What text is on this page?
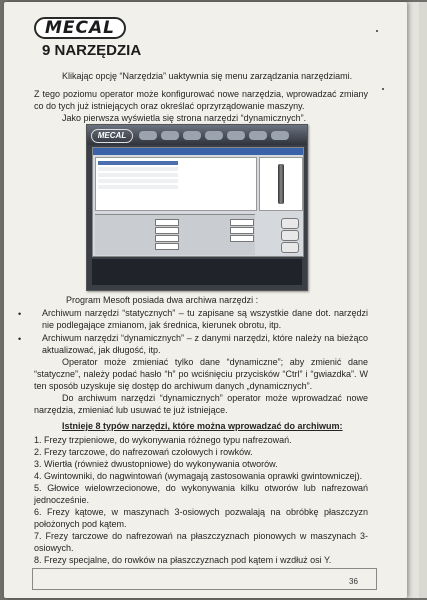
MECAL
9 NARZĘDZIA
Klikając opcję “Narzędzia” uaktywnia się menu zarządzania narzędziami.
Z tego poziomu operator może konfigurować nowe narzędzia, wprowadzać zmiany co do tych już istniejących oraz określać oprzyrządowanie maszyny.
Jako pierwsza wyświetla się strona narzędzi “dynamicznych”.
MECAL
Program Mesoft posiada dwa archiwa narzędzi :
• Archiwum narzędzi “statycznych” – tu zapisane są wszystkie dane dot. narzędzi nie podlegające zmianom, jak średnica, kierunek obrotu, itp.
• Archiwum narzędzi “dynamicznych” – z danymi narzędzi, które należy na bieżąco aktualizować, jak długość, itp.
Operator może zmieniać tylko dane “dynamiczne”; aby zmienić dane “statyczne”, należy podać hasło “h” po wciśnięciu przycisków “Ctrl” i “gwiazdka”. W ten sposób uzyskuje się dostęp do archiwum danych „dynamicznych”.
Do archiwum narzędzi “dynamicznych” operator może wprowadzać nowe narzędzia, zmieniać lub usuwać te już istniejące.
Istnieje 8 typów narzędzi, które można wprowadzać do archiwum:
1. Frezy trzpieniowe, do wykonywania różnego typu nafrezowań.
2. Frezy tarczowe, do nafrezowań czołowych i rowków.
3. Wiertła (również dwustopniowe) do wykonywania otworów.
4. Gwintowniki, do nagwintowań (wymagają zastosowania oprawki gwintowniczej).
5. Głowice wielowrzecionowe, do wykonywania kilku otworów lub nafrezowań jednocześnie.
6. Frezy kątowe, w maszynach 3-osiowych pozwalają na obróbkę płaszczyzn położonych pod kątem.
7. Frezy tarczowe do nafrezowań na płaszczyznach pionowych w maszynach 3-osiowych.
8. Frezy specjalne, do rowków na płaszczyznach pod kątem i wzdłuż osi Y.
36
